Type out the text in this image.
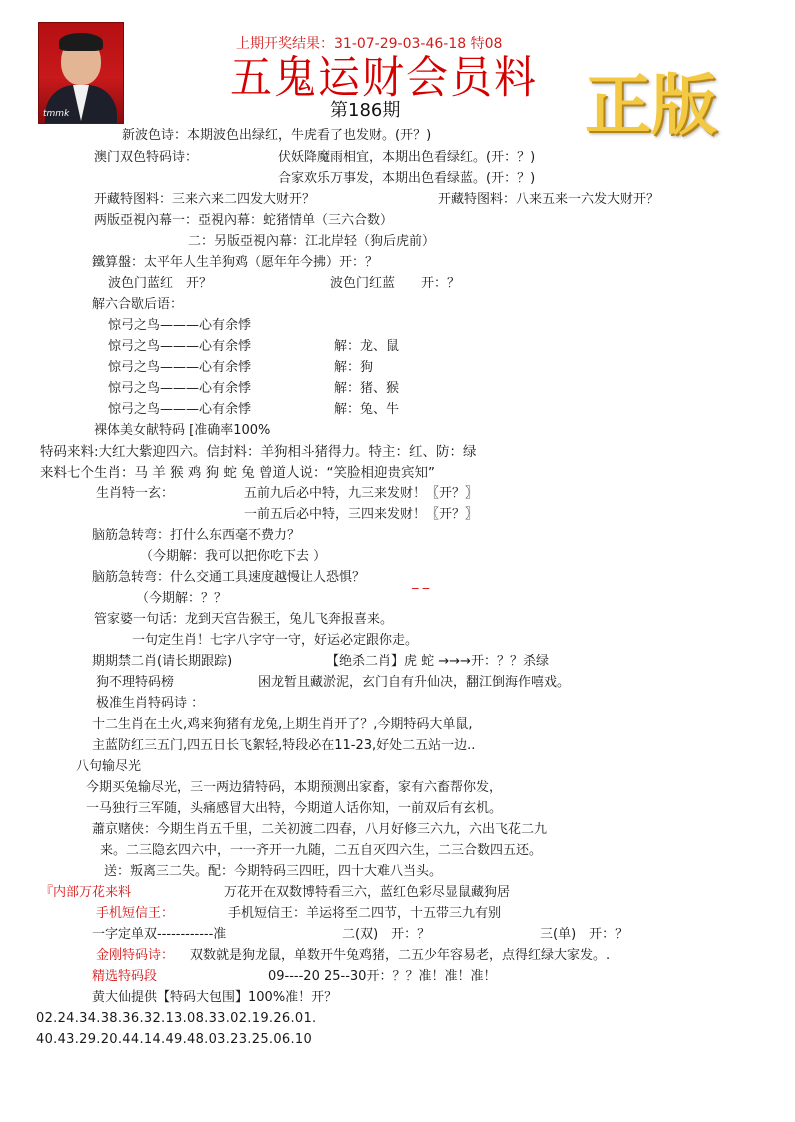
tmmk
上期开奖结果：31-07-29-03-46-18 特08
五鬼运财会员料
第186期	正版
新波色诗：本期波色出绿红，牛虎看了也发财。(开？)
澳门双色特码诗：	伏妖降魔雨相宜，本期出色看绿红。(开：？)
合家欢乐万事发，本期出色看绿蓝。(开：？)
开藏特图料：三来六来二四发大财开？	开藏特图料：八来五来一六发大财开？
两版亞視內幕一：亞視內幕：蛇猪情单（三六合数）
二：另版亞視內幕：江北岸轻（狗后虎前）
鐵算盤：太平年人生羊狗鸡（愿年年今拂）开：？
波色门蓝红　开？	波色门红蓝　　开：？
解六合歇后语：
惊弓之鸟———心有余悸
惊弓之鸟———心有余悸	解：龙、鼠
惊弓之鸟———心有余悸	解：狗
惊弓之鸟———心有余悸	解：猪、猴
惊弓之鸟———心有余悸	解：兔、牛
裸体美女献特码 [准确率100%
特码来料:大红大紫迎四六。信封料：羊狗相斗猪得力。特主：红、防：绿
来料七个生肖：马 羊 猴 鸡 狗 蛇 兔 曾道人说：“笑脸相迎贵宾知”
生肖特一玄：	五前九后必中特，九三来发财！〖开？〗
一前五后必中特，三四来发财！〖开？〗
脑筋急转弯：打什么东西毫不费力？
（今期解：我可以把你吃下去 ）
脑筋急转弯：什么交通工具速度越慢让人恐惧？	_ _
（今期解：？？
管家婆一句话：龙到天宫告猴王，兔儿飞奔报喜来。
一句定生肖！七字八字守一守，好运必定跟你走。
期期禁二肖(请长期跟踪)	【绝杀二肖】虎 蛇 →→→开：？？杀绿
狗不理特码榜	困龙暂且藏淤泥，玄门自有升仙决，翻江倒海作嘻戏。
极准生肖特码诗 ：
十二生肖在土火,鸡来狗猪有龙兔,上期生肖开了？,今期特码大单鼠,
主蓝防红三五门,四五日长飞絮轻,特段必在11-23,好处二五站一边..
八句输尽光
今期买兔输尽光，三一两边猜特码，本期预测出家畜，家有六畜帮你发，
一马独行三军随，头痛感冒大出特，今期道人话你知，一前双后有玄机。
蕭京赌侠：今期生肖五千里，二关初渡二四春，八月好修三六九，六出飞花二九
来。二三隐玄四六中，一一齐开一九随，二五自灭四六生，二三合数四五还。
送：叛离三二失。配：今期特码三四旺，四十大难八当头。
『内部万花来料	万花开在双数博特看三六，蓝红色彩尽显鼠藏狗居
手机短信王：	手机短信王：羊运将至二四节，十五带三九有别
一字定单双------------准	二(双)　开：？	三(单)　开：？
金刚特码诗： 双数就是狗龙鼠，单数开牛兔鸡猪，二五少年容易老，点得红绿大家发。.
精选特码段	09----20 25--30开：？？准！准！准！
黄大仙提供【特码大包围】100%准！开？
02.24.34.38.36.32.13.08.33.02.19.26.01.
40.43.29.20.44.14.49.48.03.23.25.06.10
